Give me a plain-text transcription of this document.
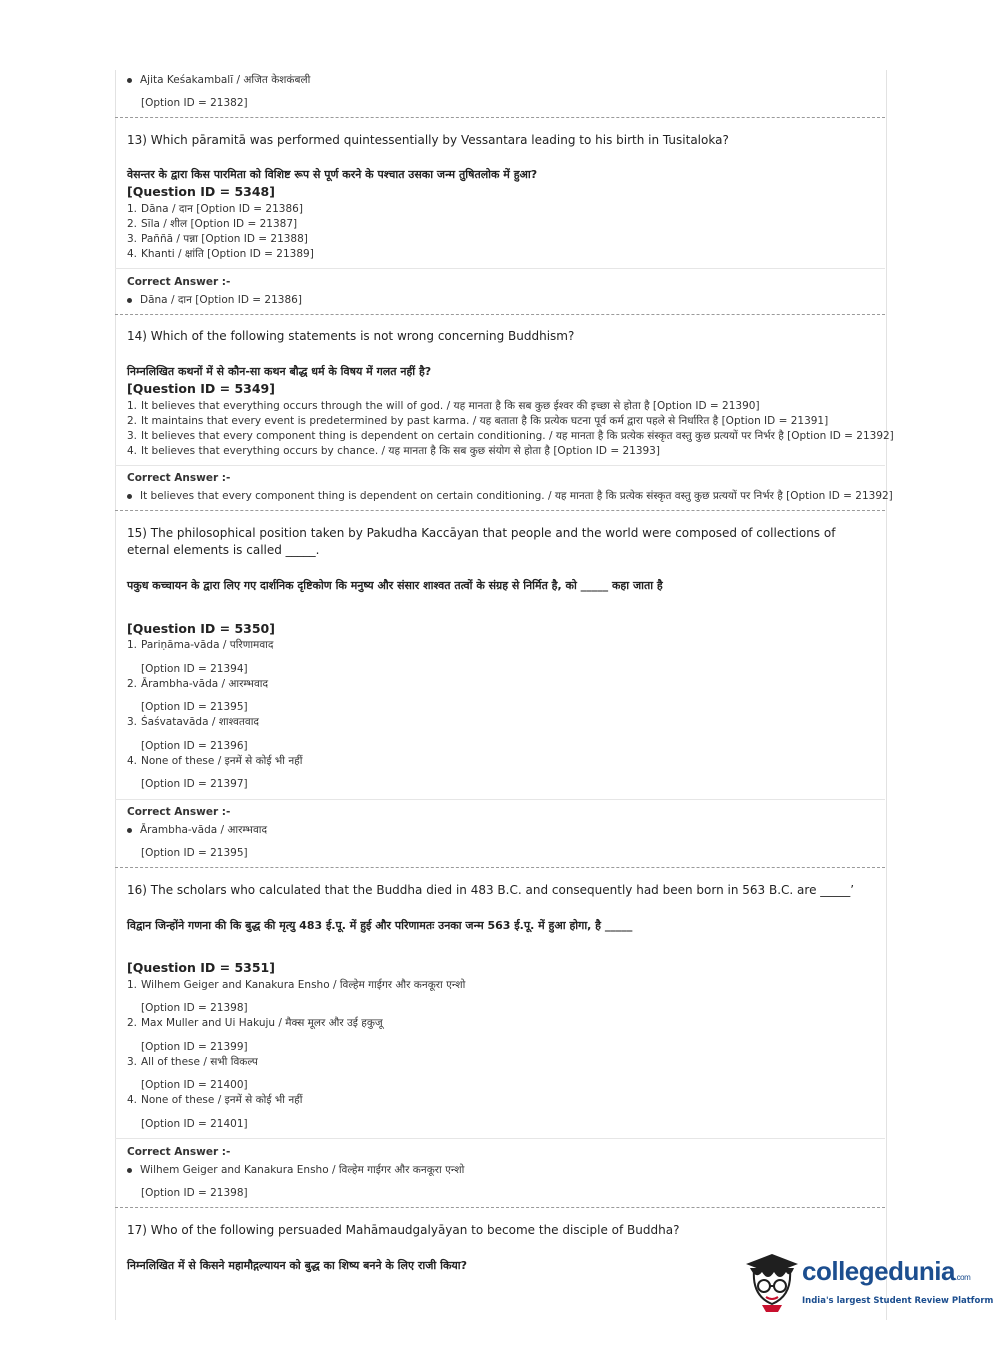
Ajita Keśakambalī / अजित केशकंबली
[Option ID = 21382]
13) Which pāramitā was performed quintessentially by Vessantara leading to his birth in Tusitaloka?
वेसन्तर के द्वारा किस पारमिता को विशिष्ट रूप से पूर्ण करने के पश्चात उसका जन्म तुषितलोक में हुआ?
[Question ID = 5348]
1. Dāna / दान [Option ID = 21386]
2. Sīla / शील [Option ID = 21387]
3. Paññā / पन्ना [Option ID = 21388]
4. Khanti / क्षांति [Option ID = 21389]
Correct Answer :-
Dāna / दान [Option ID = 21386]
14) Which of the following statements is not wrong concerning Buddhism?
निम्नलिखित कथनों में से कौन-सा कथन बौद्ध धर्म के विषय में गलत नहीं है?
[Question ID = 5349]
1. It believes that everything occurs through the will of god. / यह मानता है कि सब कुछ ईश्वर की इच्छा से होता है [Option ID = 21390]
2. It maintains that every event is predetermined by past karma. / यह बताता है कि प्रत्येक घटना पूर्व कर्म द्वारा पहले से निर्धारित है [Option ID = 21391]
3. It believes that every component thing is dependent on certain conditioning. / यह मानता है कि प्रत्येक संस्कृत वस्तु कुछ प्रत्ययों पर निर्भर है [Option ID = 21392]
4. It believes that everything occurs by chance. / यह मानता है कि सब कुछ संयोग से होता है [Option ID = 21393]
Correct Answer :-
It believes that every component thing is dependent on certain conditioning. / यह मानता है कि प्रत्येक संस्कृत वस्तु कुछ प्रत्ययों पर निर्भर है [Option ID = 21392]
15) The philosophical position taken by Pakudha Kaccāyan that people and the world were composed of collections of
eternal elements is called _____.
पकुध कच्चायन के द्वारा लिए गए दार्शनिक दृष्टिकोण कि मनुष्य और संसार शाश्वत तत्वों के संग्रह से निर्मित है, को _____ कहा जाता है
[Question ID = 5350]
1. Pariṇāma-vāda / परिणामवाद
[Option ID = 21394]
2. Ārambha-vāda / आरम्भवाद
[Option ID = 21395]
3. Śaśvatavāda / शाश्वतवाद
[Option ID = 21396]
4. None of these / इनमें से कोई भी नहीं
[Option ID = 21397]
Correct Answer :-
Ārambha-vāda / आरम्भवाद
[Option ID = 21395]
16) The scholars who calculated that the Buddha died in 483 B.C. and consequently had been born in 563 B.C. are _____’
विद्वान जिन्होंने गणना की कि बुद्ध की मृत्यु 483 ई.पू. में हुई और परिणामतः उनका जन्म 563 ई.पू. में हुआ होगा, है _____
[Question ID = 5351]
1. Wilhem Geiger and Kanakura Ensho / विल्हेम गाईगर और कनकूरा एन्शो
[Option ID = 21398]
2. Max Muller and Ui Hakuju / मैक्स मूलर और उई हकुजू
[Option ID = 21399]
3. All of these / सभी विकल्प
[Option ID = 21400]
4. None of these / इनमें से कोई भी नहीं
[Option ID = 21401]
Correct Answer :-
Wilhem Geiger and Kanakura Ensho / विल्हेम गाईगर और कनकूरा एन्शो
[Option ID = 21398]
17) Who of the following persuaded Mahāmaudgalyāyan to become the disciple of Buddha?
निम्नलिखित में से किसने महामौद्गल्यायन को बुद्ध का शिष्य बनने के लिए राजी किया?	collegedunia.com
India's largest Student Review Platform
